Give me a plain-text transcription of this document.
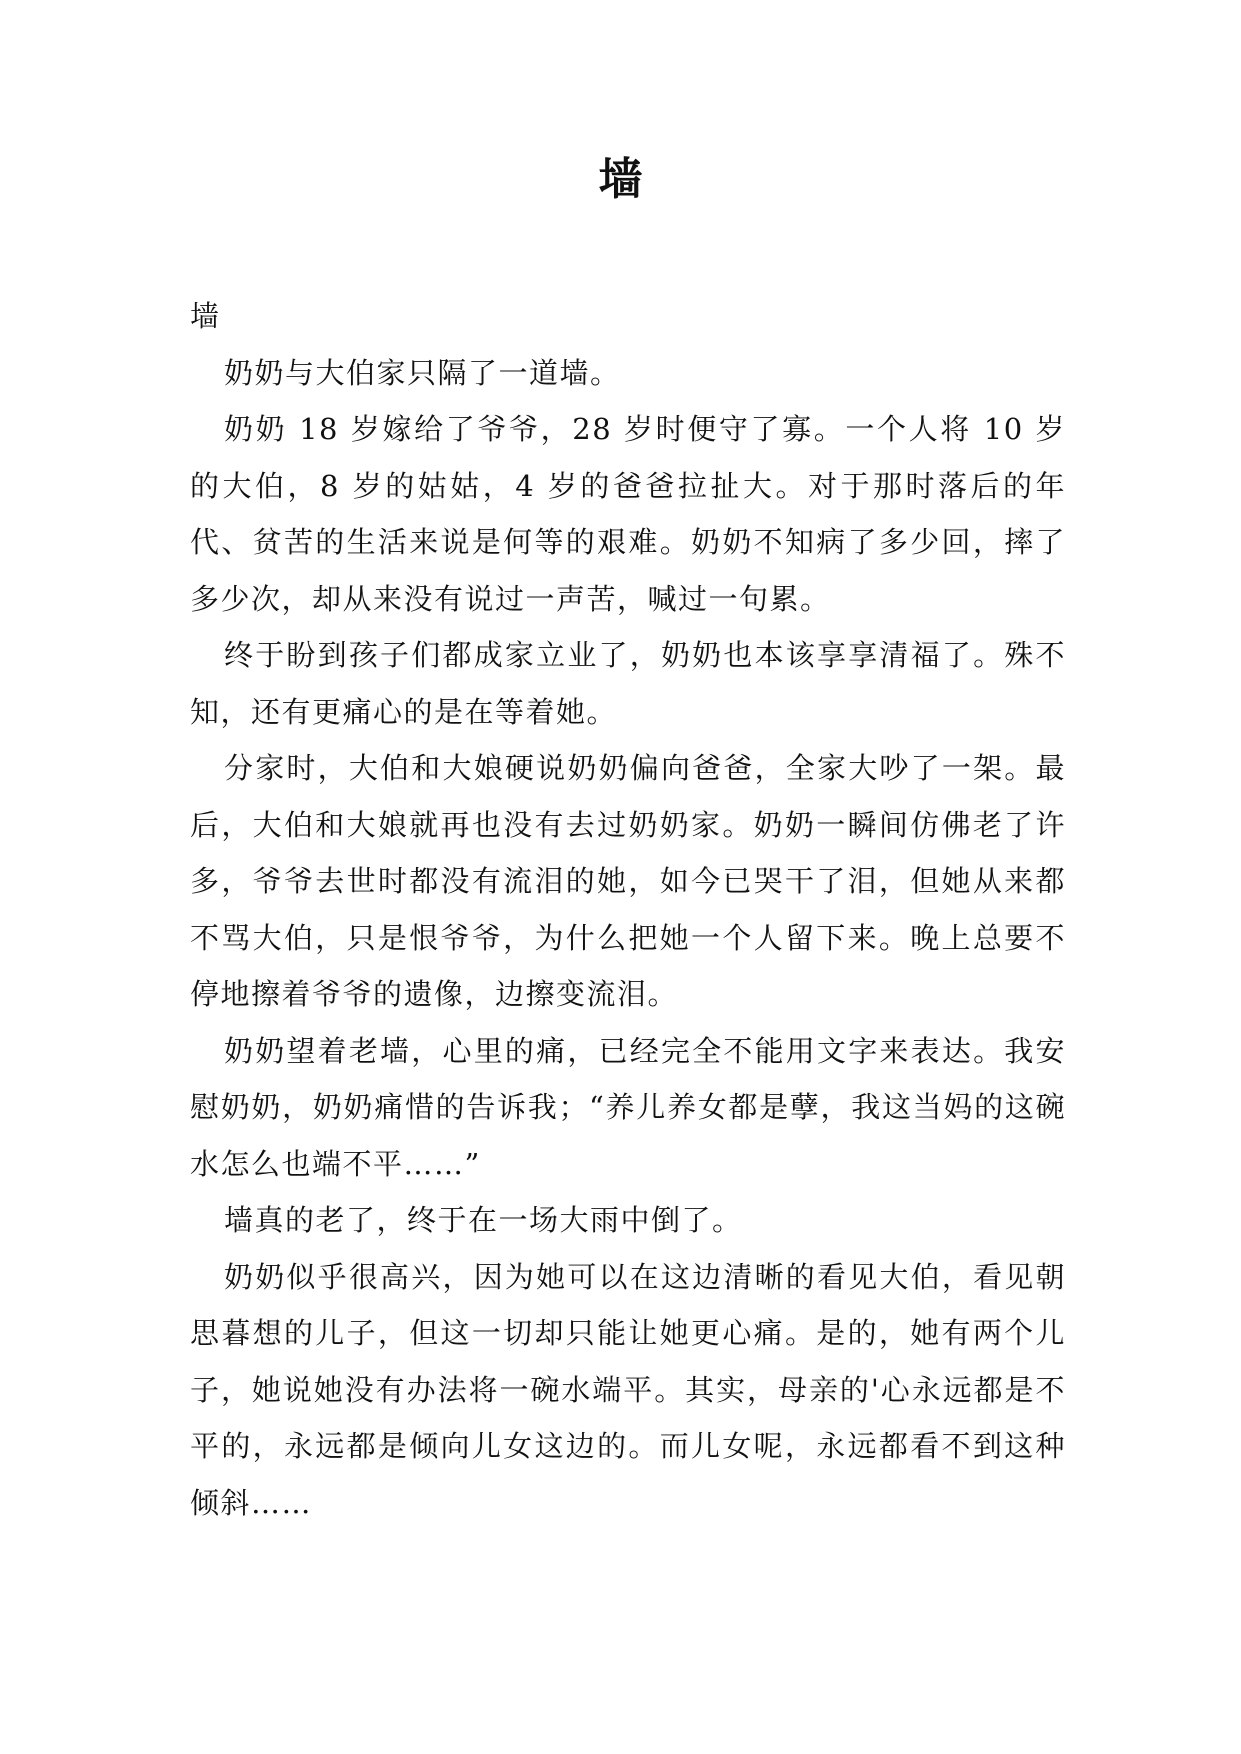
墙

墙

奶奶与大伯家只隔了一道墙。

奶奶 18 岁嫁给了爷爷，28 岁时便守了寡。一个人将 10 岁的大伯，8 岁的姑姑，4 岁的爸爸拉扯大。对于那时落后的年代、贫苦的生活来说是何等的艰难。奶奶不知病了多少回，摔了多少次，却从来没有说过一声苦，喊过一句累。

终于盼到孩子们都成家立业了，奶奶也本该享享清福了。殊不知，还有更痛心的是在等着她。

分家时，大伯和大娘硬说奶奶偏向爸爸，全家大吵了一架。最后，大伯和大娘就再也没有去过奶奶家。奶奶一瞬间仿佛老了许多，爷爷去世时都没有流泪的她，如今已哭干了泪，但她从来都不骂大伯，只是恨爷爷，为什么把她一个人留下来。晚上总要不停地擦着爷爷的遗像，边擦变流泪。

奶奶望着老墙，心里的痛，已经完全不能用文字来表达。我安慰奶奶，奶奶痛惜的告诉我；“养儿养女都是孽，我这当妈的这碗水怎么也端不平……”

墙真的老了，终于在一场大雨中倒了。

奶奶似乎很高兴，因为她可以在这边清晰的看见大伯，看见朝思暮想的儿子，但这一切却只能让她更心痛。是的，她有两个儿子，她说她没有办法将一碗水端平。其实，母亲的'心永远都是不平的，永远都是倾向儿女这边的。而儿女呢，永远都看不到这种倾斜……
